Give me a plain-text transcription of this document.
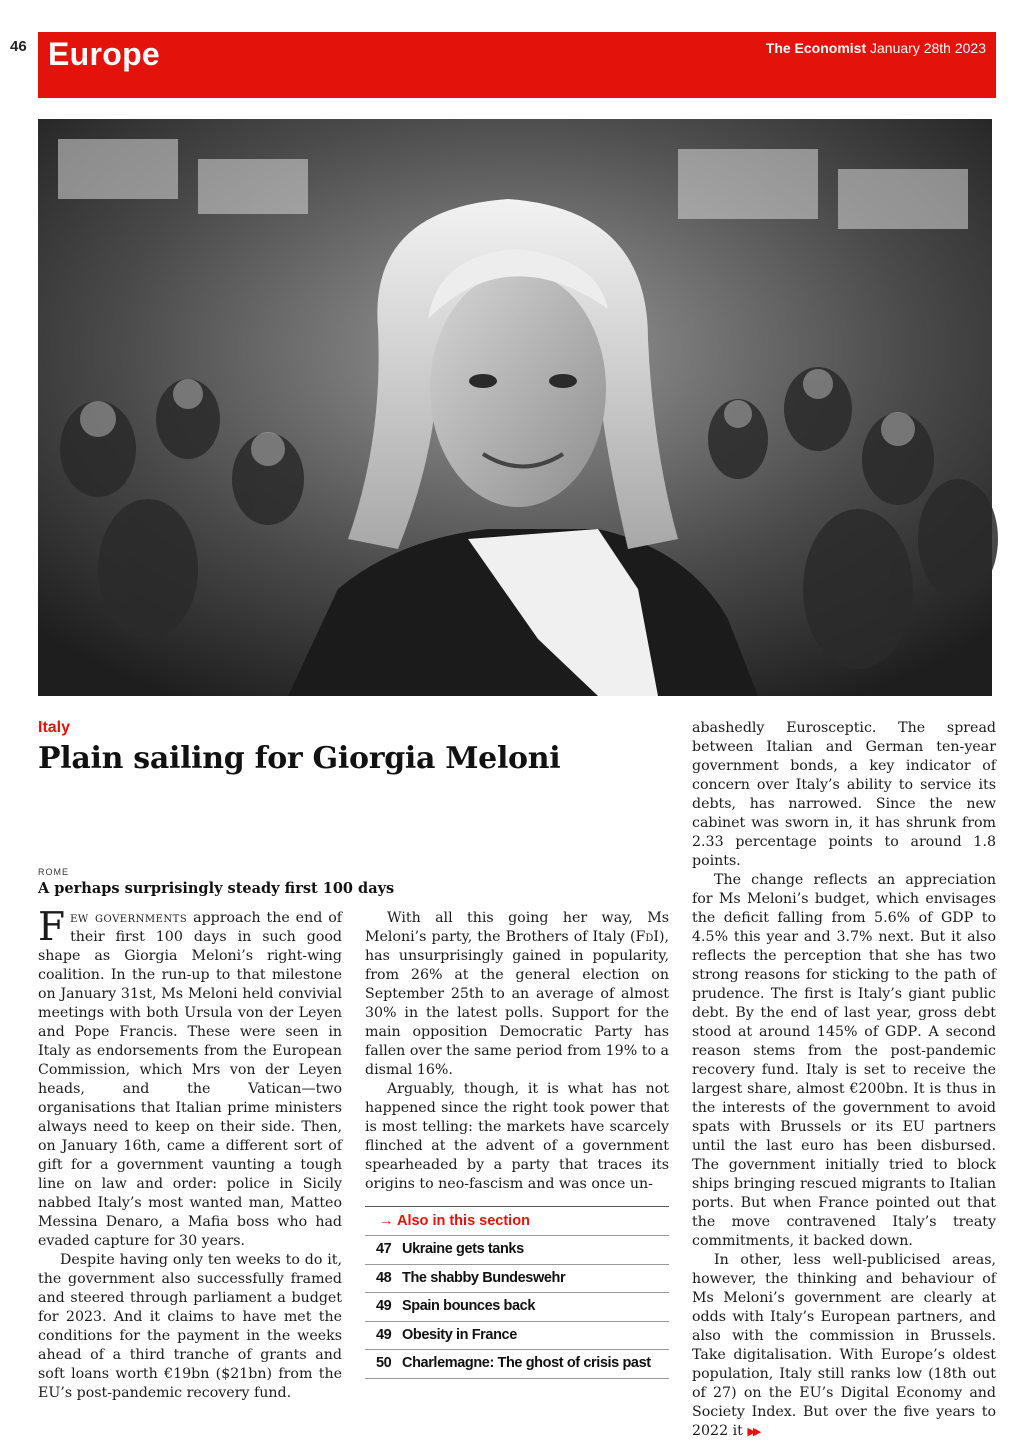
46 Europe	The Economist January 28th 2023
Italy
Plain sailing for Giorgia Meloni
ROME
A perhaps surprisingly steady first 100 days

Few governments approach the end of their first 100 days in such good shape as Giorgia Meloni’s right-wing coalition. In the run-up to that milestone on January 31st, Ms Meloni held convivial meetings with both Ursula von der Leyen and Pope Francis. These were seen in Italy as endorsements from the European Commission, which Mrs von der Leyen heads, and the Vatican—two organisations that Italian prime ministers always need to keep on their side. Then, on January 16th, came a different sort of gift for a government vaunting a tough line on law and order: police in Sicily nabbed Italy’s most wanted man, Matteo Messina Denaro, a Mafia boss who had evaded capture for 30 years.

Despite having only ten weeks to do it, the government also successfully framed and steered through parliament a budget for 2023. And it claims to have met the conditions for the payment in the weeks ahead of a third tranche of grants and soft loans worth €19bn ($21bn) from the EU’s post-pandemic recovery fund.

With all this going her way, Ms Meloni’s party, the Brothers of Italy (FdI), has unsurprisingly gained in popularity, from 26% at the general election on September 25th to an average of almost 30% in the latest polls. Support for the main opposition Democratic Party has fallen over the same period from 19% to a dismal 16%.

Arguably, though, it is what has not happened since the right took power that is most telling: the markets have scarcely flinched at the advent of a government spearheaded by a party that traces its origins to neo-fascism and was once un-

→ Also in this section
47 Ukraine gets tanks
48 The shabby Bundeswehr
49 Spain bounces back
49 Obesity in France
50 Charlemagne: The ghost of crisis past

abashedly Eurosceptic. The spread between Italian and German ten-year government bonds, a key indicator of concern over Italy’s ability to service its debts, has narrowed. Since the new cabinet was sworn in, it has shrunk from 2.33 percentage points to around 1.8 points.

The change reflects an appreciation for Ms Meloni’s budget, which envisages the deficit falling from 5.6% of GDP to 4.5% this year and 3.7% next. But it also reflects the perception that she has two strong reasons for sticking to the path of prudence. The first is Italy’s giant public debt. By the end of last year, gross debt stood at around 145% of GDP. A second reason stems from the post-pandemic recovery fund. Italy is set to receive the largest share, almost €200bn. It is thus in the interests of the government to avoid spats with Brussels or its EU partners until the last euro has been disbursed. The government initially tried to block ships bringing rescued migrants to Italian ports. But when France pointed out that the move contravened Italy’s treaty commitments, it backed down.

In other, less well-publicised areas, however, the thinking and behaviour of Ms Meloni’s government are clearly at odds with Italy’s European partners, and also with the commission in Brussels. Take digitalisation. With Europe’s oldest population, Italy still ranks low (18th out of 27) on the EU’s Digital Economy and Society Index. But over the five years to 2022 it ▶▶
